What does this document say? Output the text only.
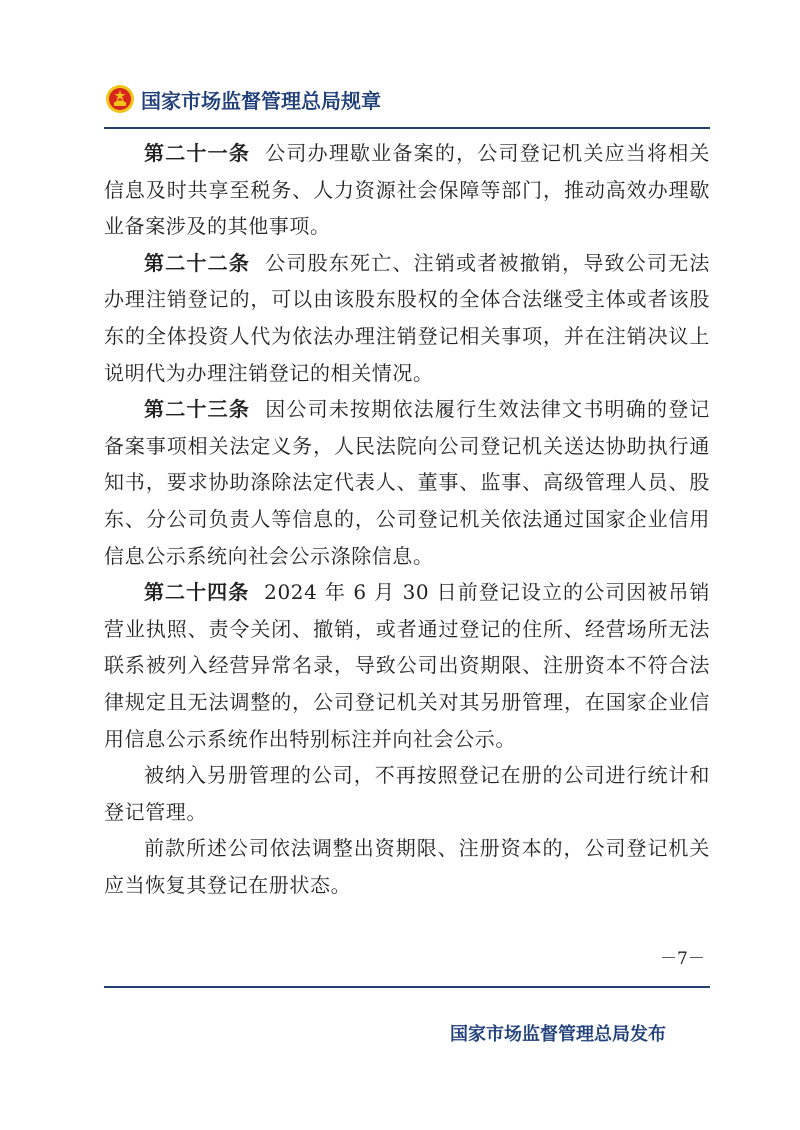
国家市场监督管理总局规章

第二十一条 公司办理歇业备案的，公司登记机关应当将相关信息及时共享至税务、人力资源社会保障等部门，推动高效办理歇业备案涉及的其他事项。

第二十二条 公司股东死亡、注销或者被撤销，导致公司无法办理注销登记的，可以由该股东股权的全体合法继受主体或者该股东的全体投资人代为依法办理注销登记相关事项，并在注销决议上说明代为办理注销登记的相关情况。

第二十三条 因公司未按期依法履行生效法律文书明确的登记备案事项相关法定义务，人民法院向公司登记机关送达协助执行通知书，要求协助涤除法定代表人、董事、监事、高级管理人员、股东、分公司负责人等信息的，公司登记机关依法通过国家企业信用信息公示系统向社会公示涤除信息。

第二十四条 2024 年 6 月 30 日前登记设立的公司因被吊销营业执照、责令关闭、撤销，或者通过登记的住所、经营场所无法联系被列入经营异常名录，导致公司出资期限、注册资本不符合法律规定且无法调整的，公司登记机关对其另册管理，在国家企业信用信息公示系统作出特别标注并向社会公示。

被纳入另册管理的公司，不再按照登记在册的公司进行统计和登记管理。

前款所述公司依法调整出资期限、注册资本的，公司登记机关应当恢复其登记在册状态。

－7－
国家市场监督管理总局发布
